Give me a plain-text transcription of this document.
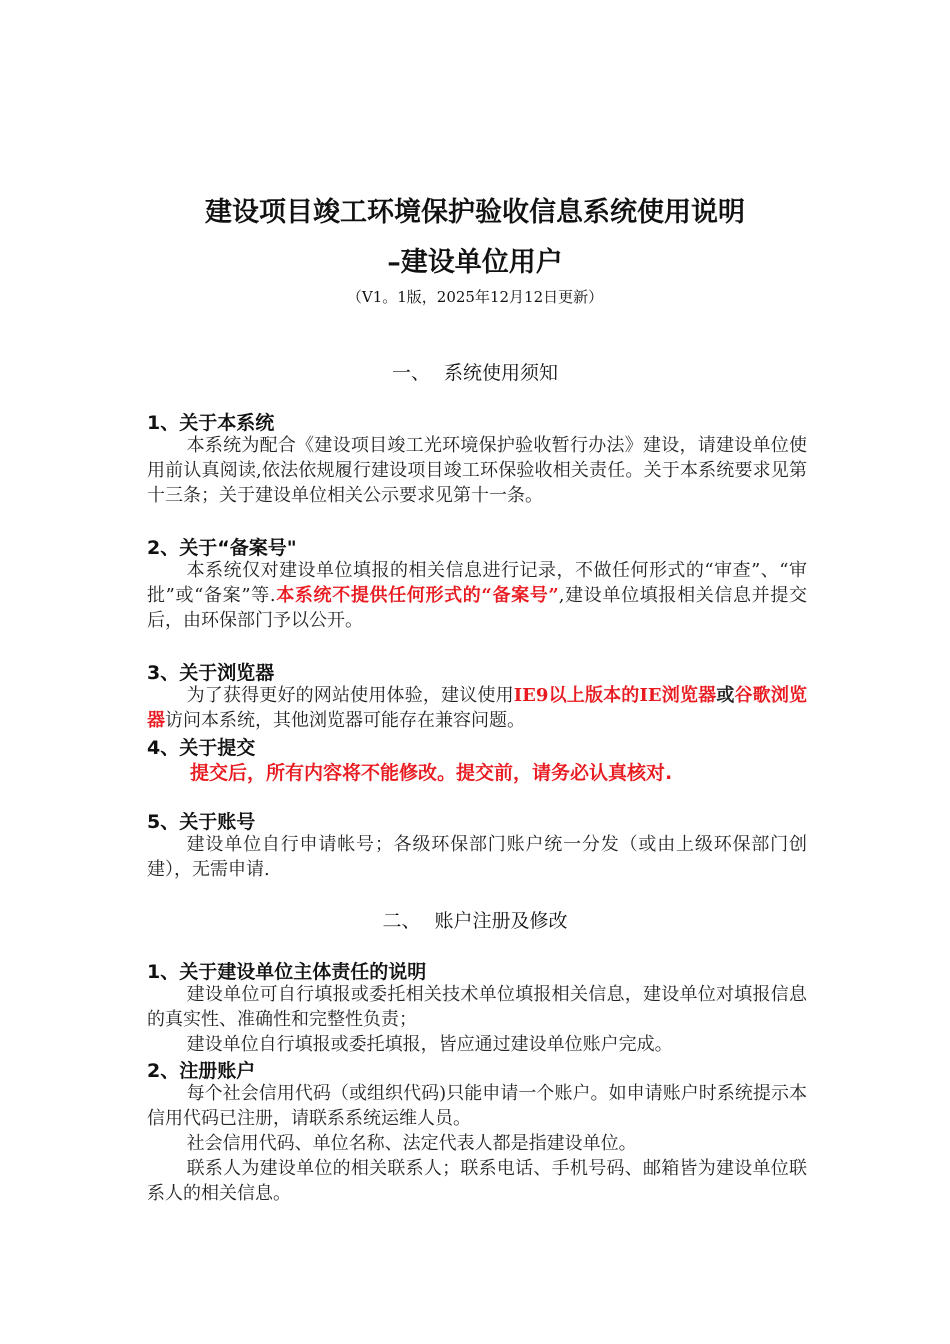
建设项目竣工环境保护验收信息系统使用说明
–建设单位用户
（V1。1版，2025年12月12日更新）
一、 系统使用须知
1、关于本系统

本系统为配合《建设项目竣工光环境保护验收暂行办法》建设，请建设单位使用前认真阅读,依法依规履行建设项目竣工环保验收相关责任。关于本系统要求见第十三条；关于建设单位相关公示要求见第十一条。

2、关于“备案号"

本系统仅对建设单位填报的相关信息进行记录，不做任何形式的“审查”、“审批”或“备案”等.本系统不提供任何形式的“备案号”,建设单位填报相关信息并提交后，由环保部门予以公开。

3、关于浏览器

为了获得更好的网站使用体验，建议使用IE9以上版本的IE浏览器或谷歌浏览器访问本系统，其他浏览器可能存在兼容问题。

4、关于提交
提交后，所有内容将不能修改。提交前，请务必认真核对.
5、关于账号

建设单位自行申请帐号；各级环保部门账户统一分发（或由上级环保部门创建），无需申请.

二、 账户注册及修改
1、关于建设单位主体责任的说明

建设单位可自行填报或委托相关技术单位填报相关信息，建设单位对填报信息的真实性、准确性和完整性负责；

建设单位自行填报或委托填报，皆应通过建设单位账户完成。

2、注册账户

每个社会信用代码（或组织代码)只能申请一个账户。如申请账户时系统提示本信用代码已注册，请联系系统运维人员。

社会信用代码、单位名称、法定代表人都是指建设单位。

联系人为建设单位的相关联系人；联系电话、手机号码、邮箱皆为建设单位联系人的相关信息。
